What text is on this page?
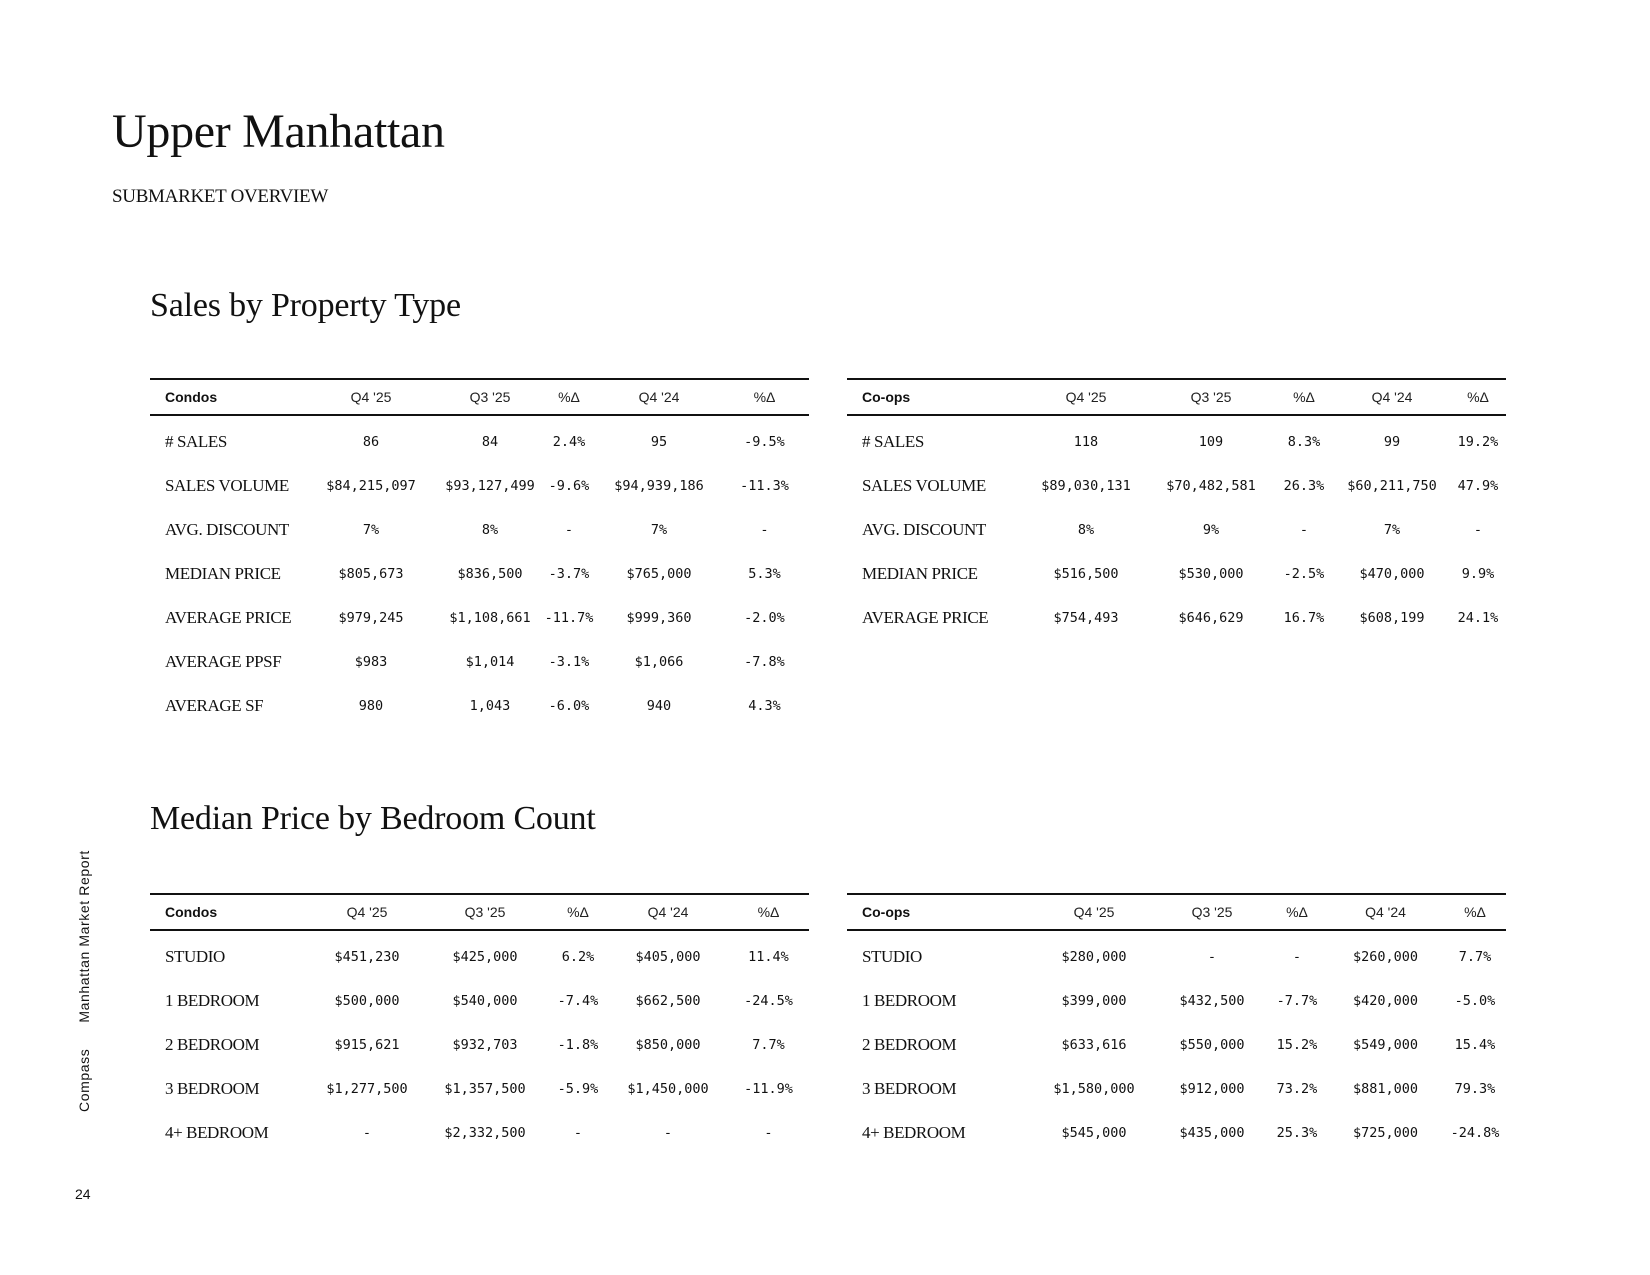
Upper Manhattan
SUBMARKET OVERVIEW
Sales by Property Type
Condos	Q4 '25	Q3 '25	%Δ	Q4 '24	%Δ
# SALES	86	84	2.4%	95	-9.5%
SALES VOLUME	$84,215,097	$93,127,499	-9.6%	$94,939,186	-11.3%
AVG. DISCOUNT	7%	8%	-	7%	-
MEDIAN PRICE	$805,673	$836,500	-3.7%	$765,000	5.3%
AVERAGE PRICE	$979,245	$1,108,661	-11.7%	$999,360	-2.0%
AVERAGE PPSF	$983	$1,014	-3.1%	$1,066	-7.8%
AVERAGE SF	980	1,043	-6.0%	940	4.3%
Co-ops	Q4 '25	Q3 '25	%Δ	Q4 '24	%Δ
# SALES	118	109	8.3%	99	19.2%
SALES VOLUME	$89,030,131	$70,482,581	26.3%	$60,211,750	47.9%
AVG. DISCOUNT	8%	9%	-	7%	-
MEDIAN PRICE	$516,500	$530,000	-2.5%	$470,000	9.9%
AVERAGE PRICE	$754,493	$646,629	16.7%	$608,199	24.1%
Median Price by Bedroom Count
Condos	Q4 '25	Q3 '25	%Δ	Q4 '24	%Δ
STUDIO	$451,230	$425,000	6.2%	$405,000	11.4%
1 BEDROOM	$500,000	$540,000	-7.4%	$662,500	-24.5%
2 BEDROOM	$915,621	$932,703	-1.8%	$850,000	7.7%
3 BEDROOM	$1,277,500	$1,357,500	-5.9%	$1,450,000	-11.9%
4+ BEDROOM	-	$2,332,500	-	-	-
Co-ops	Q4 '25	Q3 '25	%Δ	Q4 '24	%Δ
STUDIO	$280,000	-	-	$260,000	7.7%
1 BEDROOM	$399,000	$432,500	-7.7%	$420,000	-5.0%
2 BEDROOM	$633,616	$550,000	15.2%	$549,000	15.4%
3 BEDROOM	$1,580,000	$912,000	73.2%	$881,000	79.3%
4+ BEDROOM	$545,000	$435,000	25.3%	$725,000	-24.8%
CompassManhattan Market Report
24
